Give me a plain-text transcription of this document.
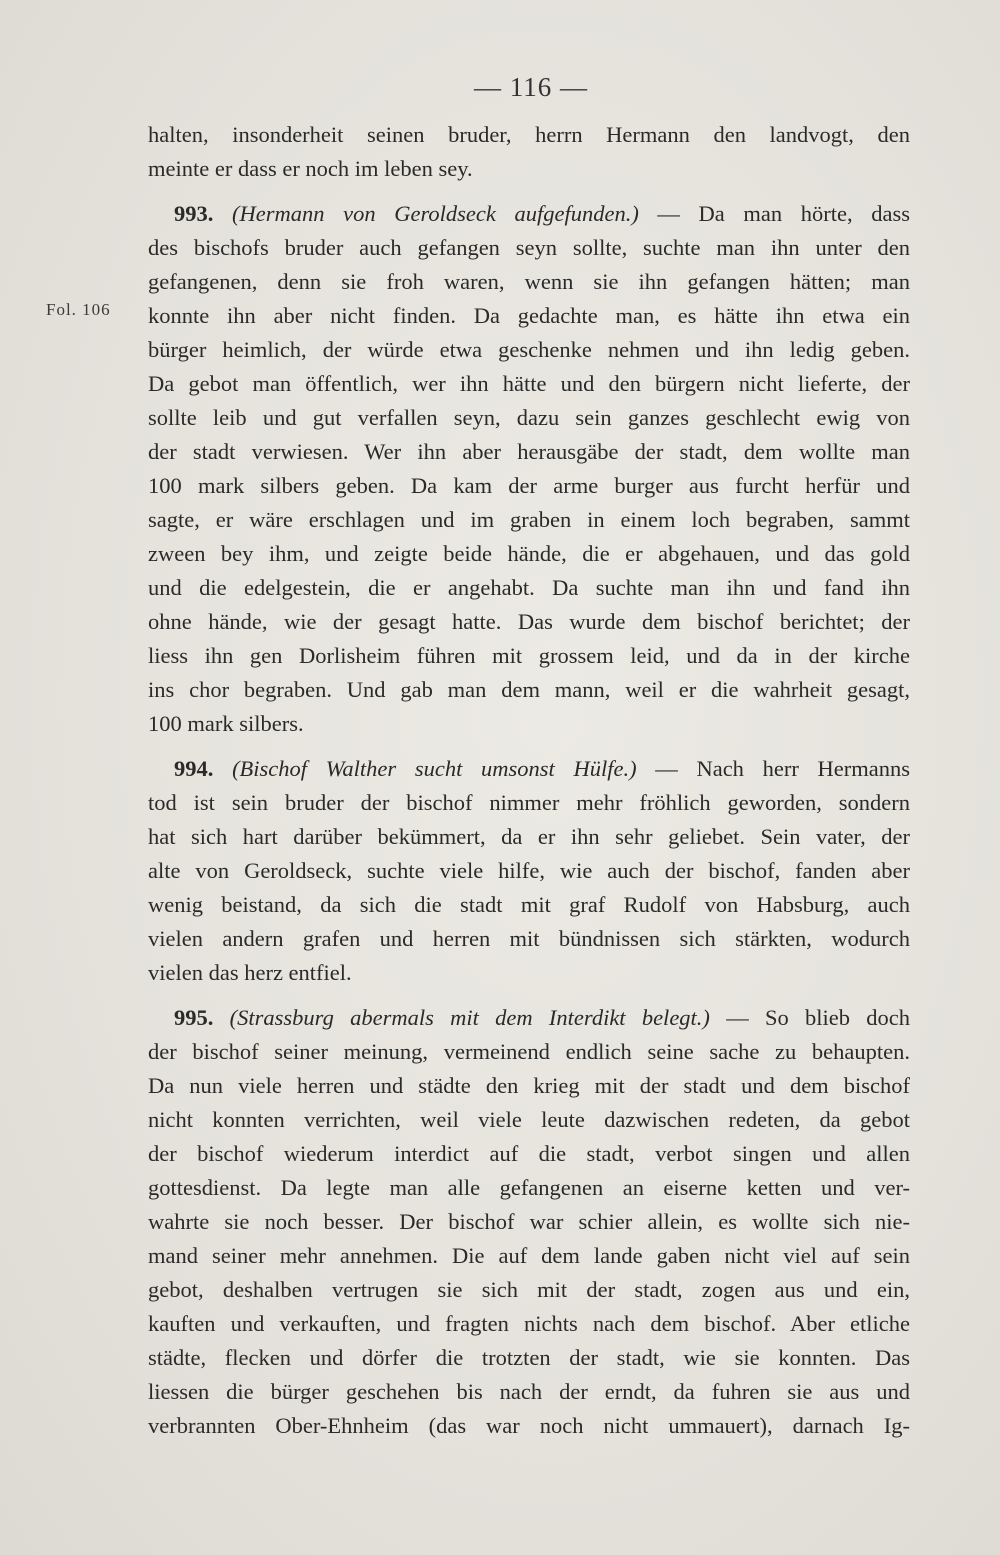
— 116 —
Fol. 106
halten, insonderheit seinen bruder, herrn Hermann den landvogt, den
meinte er dass er noch im leben sey.
993. (Hermann von Geroldseck aufgefunden.) — Da man hörte, dass
des bischofs bruder auch gefangen seyn sollte, suchte man ihn unter den
gefangenen, denn sie froh waren, wenn sie ihn gefangen hätten; man
konnte ihn aber nicht finden. Da gedachte man, es hätte ihn etwa ein
bürger heimlich, der würde etwa geschenke nehmen und ihn ledig geben.
Da gebot man öffentlich, wer ihn hätte und den bürgern nicht lieferte, der
sollte leib und gut verfallen seyn, dazu sein ganzes geschlecht ewig von
der stadt verwiesen. Wer ihn aber herausgäbe der stadt, dem wollte man
100 mark silbers geben. Da kam der arme burger aus furcht herfür und
sagte, er wäre erschlagen und im graben in einem loch begraben, sammt
zween bey ihm, und zeigte beide hände, die er abgehauen, und das gold
und die edelgestein, die er angehabt. Da suchte man ihn und fand ihn
ohne hände, wie der gesagt hatte. Das wurde dem bischof berichtet; der
liess ihn gen Dorlisheim führen mit grossem leid, und da in der kirche
ins chor begraben. Und gab man dem mann, weil er die wahrheit gesagt,
100 mark silbers.
994. (Bischof Walther sucht umsonst Hülfe.) — Nach herr Hermanns
tod ist sein bruder der bischof nimmer mehr fröhlich geworden, sondern
hat sich hart darüber bekümmert, da er ihn sehr geliebet. Sein vater, der
alte von Geroldseck, suchte viele hilfe, wie auch der bischof, fanden aber
wenig beistand, da sich die stadt mit graf Rudolf von Habsburg, auch
vielen andern grafen und herren mit bündnissen sich stärkten, wodurch
vielen das herz entfiel.
995. (Strassburg abermals mit dem Interdikt belegt.) — So blieb doch
der bischof seiner meinung, vermeinend endlich seine sache zu behaupten.
Da nun viele herren und städte den krieg mit der stadt und dem bischof
nicht konnten verrichten, weil viele leute dazwischen redeten, da gebot
der bischof wiederum interdict auf die stadt, verbot singen und allen
gottesdienst. Da legte man alle gefangenen an eiserne ketten und ver-
wahrte sie noch besser. Der bischof war schier allein, es wollte sich nie-
mand seiner mehr annehmen. Die auf dem lande gaben nicht viel auf sein
gebot, deshalben vertrugen sie sich mit der stadt, zogen aus und ein,
kauften und verkauften, und fragten nichts nach dem bischof. Aber etliche
städte, flecken und dörfer die trotzten der stadt, wie sie konnten. Das
liessen die bürger geschehen bis nach der erndt, da fuhren sie aus und
verbrannten Ober-Ehnheim (das war noch nicht ummauert), darnach Ig-
